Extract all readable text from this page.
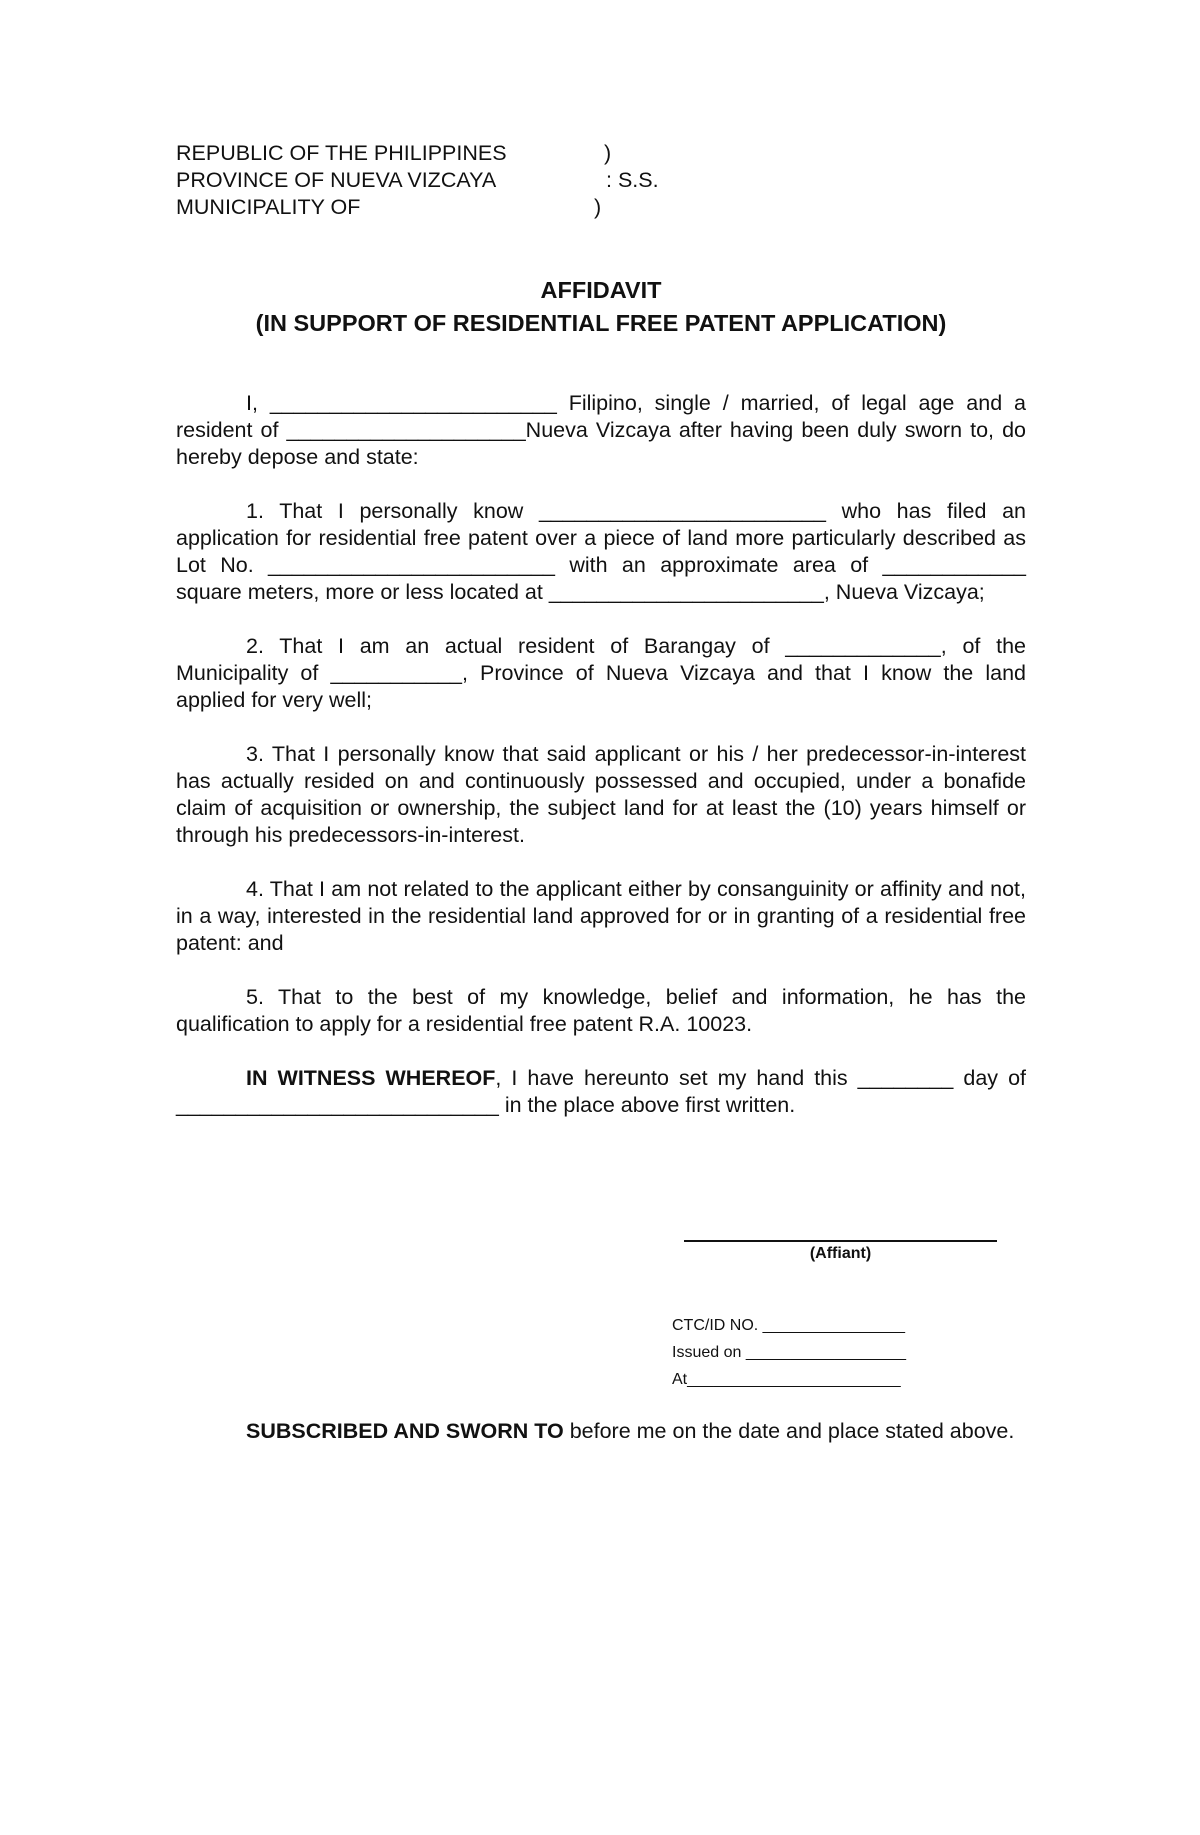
REPUBLIC OF THE PHILIPPINES	)
PROVINCE OF NUEVA VIZCAYA	: S.S.
MUNICIPALITY OF	)
AFFIDAVIT
(IN SUPPORT OF RESIDENTIAL FREE PATENT APPLICATION)
I, ________________________ Filipino, single / married, of legal age and a resident of ____________________Nueva Vizcaya after having been duly sworn to, do hereby depose and state:
1. That I personally know ________________________ who has filed an application for residential free patent over a piece of land more particularly described as Lot No. ________________________ with an approximate area of ____________ square meters, more or less located at _______________________, Nueva Vizcaya;
2. That I am an actual resident of Barangay of _____________, of the Municipality of ___________, Province of Nueva Vizcaya and that I know the land applied for very well;
3. That I personally know that said applicant or his / her predecessor-in-interest has actually resided on and continuously possessed and occupied, under a bonafide claim of acquisition or ownership, the subject land for at least the (10) years himself or through his predecessors-in-interest.
4. That I am not related to the applicant either by consanguinity or affinity and not, in a way, interested in the residential land approved for or in granting of a residential free patent: and
5. That to the best of my knowledge, belief and information, he has the qualification to apply for a residential free patent R.A. 10023.
IN WITNESS WHEREOF, I have hereunto set my hand this ________ day of ___________________________ in the place above first written.
(Affiant)
CTC/ID NO. ________________
Issued on __________________
At________________________
SUBSCRIBED AND SWORN TO before me on the date and place stated above.
